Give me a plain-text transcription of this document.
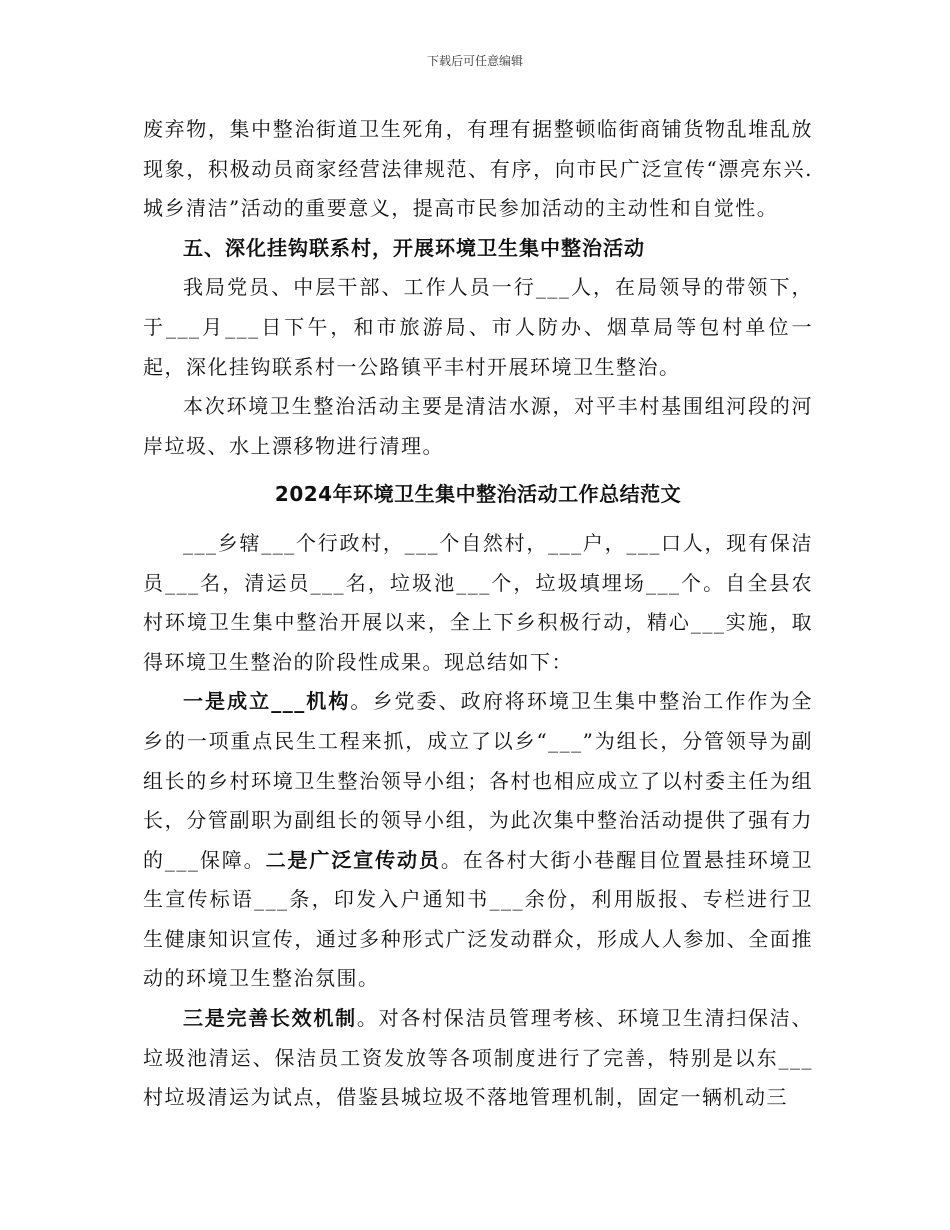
下载后可任意编辑

废弃物，集中整治街道卫生死角，有理有据整顿临街商铺货物乱堆乱放现象，积极动员商家经营法律规范、有序，向市民广泛宣传“漂亮东兴.城乡清洁”活动的重要意义，提高市民参加活动的主动性和自觉性。

五、深化挂钩联系村，开展环境卫生集中整治活动

我局党员、中层干部、工作人员一行___人，在局领导的带领下，于___月___日下午，和市旅游局、市人防办、烟草局等包村单位一起，深化挂钩联系村一公路镇平丰村开展环境卫生整治。

本次环境卫生整治活动主要是清洁水源，对平丰村基围组河段的河岸垃圾、水上漂移物进行清理。

2024年环境卫生集中整治活动工作总结范文

___乡辖___个行政村，___个自然村，___户，___口人，现有保洁员___名，清运员___名，垃圾池___个，垃圾填埋场___个。自全县农村环境卫生集中整治开展以来，全上下乡积极行动，精心___实施，取得环境卫生整治的阶段性成果。现总结如下：

一是成立___机构。乡党委、政府将环境卫生集中整治工作作为全乡的一项重点民生工程来抓，成立了以乡“___”为组长，分管领导为副组长的乡村环境卫生整治领导小组；各村也相应成立了以村委主任为组长，分管副职为副组长的领导小组，为此次集中整治活动提供了强有力的___保障。二是广泛宣传动员。在各村大街小巷醒目位置悬挂环境卫生宣传标语___条，印发入户通知书___余份，利用版报、专栏进行卫生健康知识宣传，通过多种形式广泛发动群众，形成人人参加、全面推动的环境卫生整治氛围。

三是完善长效机制。对各村保洁员管理考核、环境卫生清扫保洁、垃圾池清运、保洁员工资发放等各项制度进行了完善，特别是以东___村垃圾清运为试点，借鉴县城垃圾不落地管理机制，固定一辆机动三
